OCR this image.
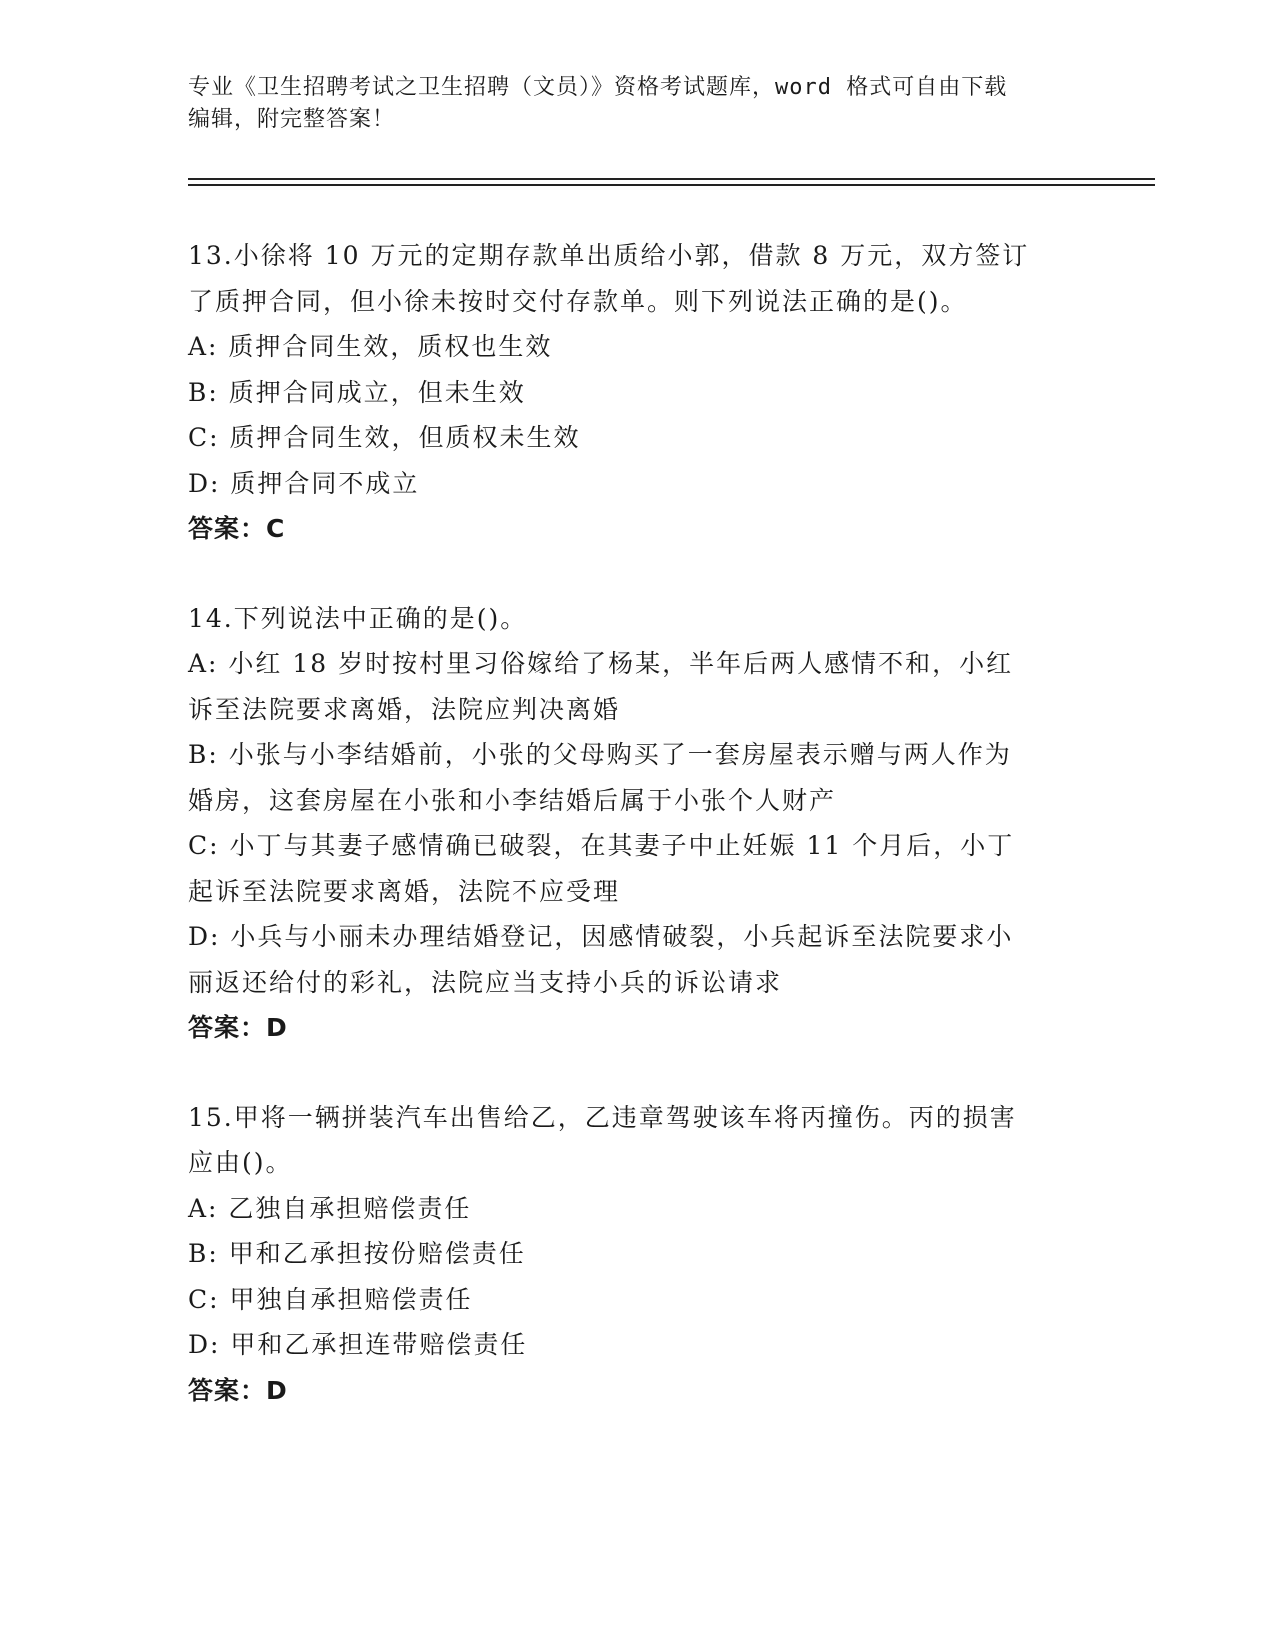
专业《卫生招聘考试之卫生招聘（文员）》资格考试题库，word 格式可自由下载
编辑，附完整答案！

13.小徐将 10 万元的定期存款单出质给小郭，借款 8 万元，双方签订

了质押合同，但小徐未按时交付存款单。则下列说法正确的是()。

A: 质押合同生效，质权也生效

B: 质押合同成立，但未生效

C: 质押合同生效，但质权未生效

D: 质押合同不成立

答案：C

14.下列说法中正确的是()。

A: 小红 18 岁时按村里习俗嫁给了杨某，半年后两人感情不和，小红

诉至法院要求离婚，法院应判决离婚

B: 小张与小李结婚前，小张的父母购买了一套房屋表示赠与两人作为

婚房，这套房屋在小张和小李结婚后属于小张个人财产

C: 小丁与其妻子感情确已破裂，在其妻子中止妊娠 11 个月后，小丁

起诉至法院要求离婚，法院不应受理

D: 小兵与小丽未办理结婚登记，因感情破裂，小兵起诉至法院要求小

丽返还给付的彩礼，法院应当支持小兵的诉讼请求

答案：D

15.甲将一辆拼装汽车出售给乙，乙违章驾驶该车将丙撞伤。丙的损害

应由()。

A: 乙独自承担赔偿责任

B: 甲和乙承担按份赔偿责任

C: 甲独自承担赔偿责任

D: 甲和乙承担连带赔偿责任

答案：D
